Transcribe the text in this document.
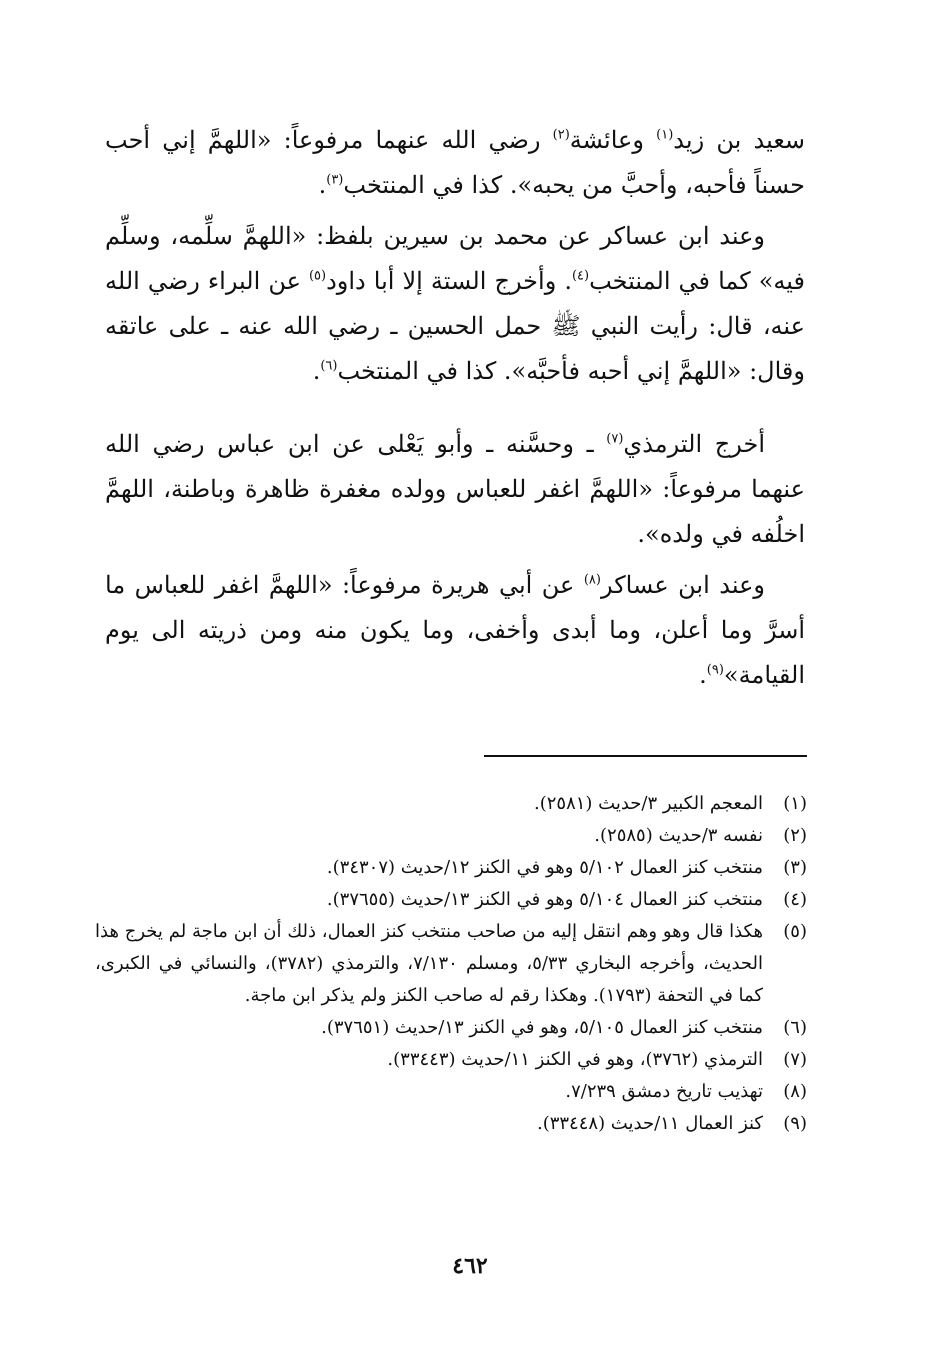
سعيد بن زيد$^{(١)}$ وعائشة$^{(٢)}$ رضي الله عنهما مرفوعاً: «اللهمَّ إني أحب حسناً فأحبه، وأحبَّ من يحبه». كذا في المنتخب$^{(٣)}$.

وعند ابن عساكر عن محمد بن سيرين بلفظ: «اللهمَّ سلِّمه، وسلِّم فيه» كما في المنتخب$^{(٤)}$. وأخرج الستة إلا أبا داود$^{(٥)}$ عن البراء رضي الله عنه، قال: رأيت النبي ﷺ حمل الحسين ـ رضي الله عنه ـ على عاتقه وقال: «اللهمَّ إني أحبه فأحبَّه». كذا في المنتخب$^{(٦)}$.

أخرج الترمذي$^{(٧)}$ ـ وحسَّنه ـ وأبو يَعْلى عن ابن عباس رضي الله عنهما مرفوعاً: «اللهمَّ اغفر للعباس وولده مغفرة ظاهرة وباطنة، اللهمَّ اخلُفه في ولده».

وعند ابن عساكر$^{(٨)}$ عن أبي هريرة مرفوعاً: «اللهمَّ اغفر للعباس ما أسرَّ وما أعلن، وما أبدى وأخفى، وما يكون منه ومن ذريته الى يوم القيامة»$^{(٩)}$.

(١)
المعجم الكبير ٣/حديث (٢٥٨١).
(٢)
نفسه ٣/حديث (٢٥٨٥).
(٣)
منتخب كنز العمال ٥/١٠٢ وهو في الكنز ١٢/حديث (٣٤٣٠٧).
(٤)
منتخب كنز العمال ٥/١٠٤ وهو في الكنز ١٣/حديث (٣٧٦٥٥).
(٥)
هكذا قال وهو وهم انتقل إليه من صاحب منتخب كنز العمال، ذلك أن ابن ماجة لم يخرج هذا الحديث، وأخرجه البخاري ٥/٣٣، ومسلم ٧/١٣٠، والترمذي (٣٧٨٢)، والنسائي في الكبرى، كما في التحفة (١٧٩٣). وهكذا رقم له صاحب الكنز ولم يذكر ابن ماجة.
(٦)
منتخب كنز العمال ٥/١٠٥، وهو في الكنز ١٣/حديث (٣٧٦٥١).
(٧)
الترمذي (٣٧٦٢)، وهو في الكنز ١١/حديث (٣٣٤٤٣).
(٨)
تهذيب تاريخ دمشق ٧/٢٣٩.
(٩)
كنز العمال ١١/حديث (٣٣٤٤٨).
٤٦٢
